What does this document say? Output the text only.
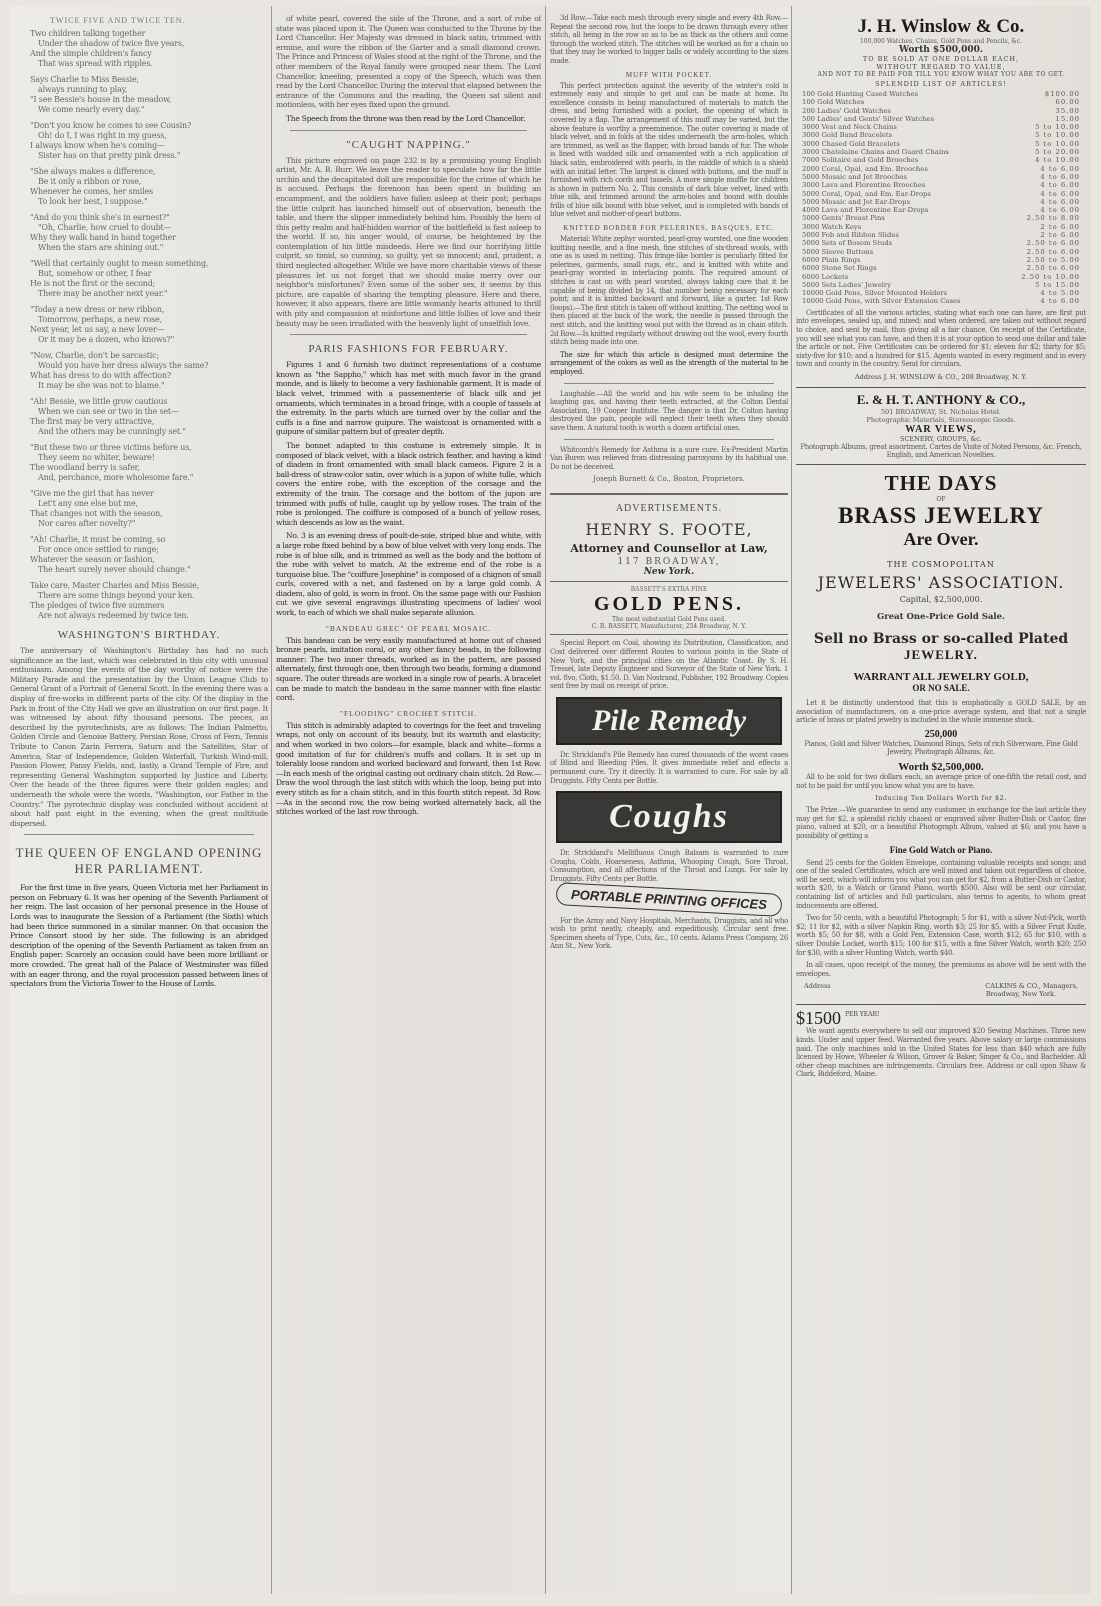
TWICE FIVE AND TWICE TEN.

Two children talking together
Under the shadow of twice five years,
And the simple children's fancy
That was spread with ripples.

Says Charlie to Miss Bessie,
always running to play,
"I see Bessie's house in the meadow,
We come nearly every day."

"Don't you know he comes to see Cousin?
Oh! do I, I was right in my guess,
I always know when he's coming—
Sister has on that pretty pink dress."

"She always makes a difference,
Be it only a ribbon or rose,
Whenever he comes, her smiles
To look her best, I suppose."

"And do you think she's in earnest?"
"Oh, Charlie, how cruel to doubt—
Why they walk hand in hand together
When the stars are shining out."

"Well that certainly ought to mean something,
But, somehow or other, I fear
He is not the first or the second;
There may be another next year."

"Today a new dress or new ribbon,
Tomorrow, perhaps, a new rose,
Next year, let us say, a new lover—
Or it may be a dozen, who knows?"

"Now, Charlie, don't be sarcastic;
Would you have her dress always the same?
What has dress to do with affection?
It may be she was not to blame."

"Ah! Bessie, we little grow cautious
When we can see or two in the set—
The first may be very attractive,
And the others may be cunningly set."

"But these two or three victims before us,
They seem no whiter, beware!
The woodland berry is safer,
And, perchance, more wholesome fare."

"Give me the girl that has never
Let't any one else but me,
That changes not with the season,
Nor cares after novelty?"

"Ah! Charlie, it must be coming, so
For once once settled to range;
Whatever the season or fashion,
The heart surely never should change."

Take care, Master Charles and Miss Bessie,
There are some things beyond your ken.
The pledges of twice five summers
Are not always redeemed by twice ten.

WASHINGTON'S BIRTHDAY.

The anniversary of Washington's Birthday has had no such significance as the last, which was celebrated in this city with unusual enthusiasm. Among the events of the day worthy of notice were the Military Parade and the presentation by the Union League Club to General Grant of a Portrait of General Scott. In the evening there was a display of fire-works in different parts of the city. Of the display in the Park in front of the City Hall we give an illustration on our first page. It was witnessed by about fifty thousand persons. The pieces, as described by the pyrotechnists, are as follows: The Indian Palmetto, Golden Circle and Genoise Battery, Persian Rose, Cross of Fern, Tennis Tribute to Canon Zarin Ferrera, Saturn and the Satellites, Star of America, Star of Independence, Golden Waterfall, Turkish Wind-mill, Passion Flower, Pansy Fields, and, lastly, a Grand Temple of Fire, and representing General Washington supported by Justice and Liberty. Over the heads of the three figures were their golden eagles; and underneath the whole were the words, "Washington, our Father in the Country." The pyrotechnic display was concluded without accident at about half past eight in the evening, when the great multitude dispersed.

THE QUEEN OF ENGLAND OPENING HER PARLIAMENT.

For the first time in five years, Queen Victoria met her Parliament in person on February 6. It was her opening of the Seventh Parliament of her reign. The last occasion of her personal presence in the House of Lords was to inaugurate the Session of a Parliament (the Sixth) which had been thrice summoned in a similar manner. On that occasion the Prince Consort stood by her side. The following is an abridged description of the opening of the Seventh Parliament as taken from an English paper: Scarcely an occasion could have been more brilliant or more crowded. The great hall of the Palace of Westminster was filled with an eager throng, and the royal procession passed between lines of spectators from the Victoria Tower to the House of Lords.

of white pearl, covered the side of the Throne, and a sort of robe of state was placed upon it. The Queen was conducted to the Throne by the Lord Chancellor. Her Majesty was dressed in black satin, trimmed with ermine, and wore the ribbon of the Garter and a small diamond crown. The Prince and Princess of Wales stood at the right of the Throne, and the other members of the Royal family were grouped near them. The Lord Chancellor, kneeling, presented a copy of the Speech, which was then read by the Lord Chancellor. During the interval that elapsed between the entrance of the Commons and the reading, the Queen sat silent and motionless, with her eyes fixed upon the ground.

The Speech from the throne was then read by the Lord Chancellor.

"CAUGHT NAPPING."

This picture engraved on page 232 is by a promising young English artist, Mr. A. B. Burr. We leave the reader to speculate how far the little urchin and the decapitated doll are responsible for the crime of which he is accused. Perhaps the forenoon has been spent in building an encampment, and the soldiers have fallen asleep at their post; perhaps the little culprit has launched himself out of observation, beneath the table, and there the slipper immediately behind him. Possibly the hero of this petty realm and half-hidden warrior of the battlefield is fast asleep to the world. If so, his anger would, of course, be heightened by the contemplation of his little misdeeds. Here we find our horrifying little culprit, so timid, so cunning, so guilty, yet so innocent; and, prudent, a third neglected altogether. While we have more charitable views of these pleasures let us not forget that we should make merry over our neighbor's misfortunes? Even some of the sober sex, it seems by this picture, are capable of sharing the tempting pleasure. Here and there, however, it also appears, there are little womanly hearts attuned to thrill with pity and compassion at misfortune and little follies of love and their beauty may be seen irradiated with the heavenly light of unselfish love.

PARIS FASHIONS FOR FEBRUARY.

Figures 1 and 6 furnish two distinct representations of a costume known as "the Sappho," which has met with much favor in the grand monde, and is likely to become a very fashionable garment. It is made of black velvet, trimmed with a passementerie of black silk and jet ornaments, which terminates in a broad fringe, with a couple of tassels at the extremity. In the parts which are turned over by the collar and the cuffs is a fine and narrow guipure. The waistcoat is ornamented with a guipure of similar pattern but of greater depth.

The bonnet adapted to this costume is extremely simple. It is composed of black velvet, with a black ostrich feather, and having a kind of diadem in front ornamented with small black cameos. Figure 2 is a ball-dress of straw-color satin, over which is a jupon of white tulle, which covers the entire robe, with the exception of the corsage and the extremity of the train. The corsage and the bottom of the jupon are trimmed with puffs of tulle, caught up by yellow roses. The train of the robe is prolonged. The coiffure is composed of a bunch of yellow roses, which descends as low as the waist.

No. 3 is an evening dress of poult-de-soie, striped blue and white, with a large robe fixed behind by a bow of blue velvet with very long ends. The robe is of blue silk, and is trimmed as well as the body and the bottom of the robe with velvet to match. At the extreme end of the robe is a turquoise blue. The "coiffure Josephine" is composed of a chignon of small curls, covered with a net, and fastened on by a large gold comb. A diadem, also of gold, is worn in front. On the same page with our Fashion cut we give several engravings illustrating specimens of ladies' wool work, to each of which we shall make separate allusion.

"BANDEAU GREC" OF PEARL MOSAIC.

This bandeau can be very easily manufactured at home out of chased bronze pearls, imitation coral, or any other fancy beads, in the following manner: The two inner threads, worked as in the pattern, are passed alternately, first through one, then through two beads, forming a diamond square. The outer threads are worked in a single row of pearls. A bracelet can be made to match the bandeau in the same manner with fine elastic cord.

"FLOODING" CROCHET STITCH.

This stitch is admirably adapted to coverings for the feet and traveling wraps, not only on account of its beauty, but its warmth and elasticity; and when worked in two colors—for example, black and white—forms a good imitation of fur for children's muffs and collars. It is set up in tolerably loose random and worked backward and forward, then 1st Row.—In each mesh of the original casting out ordinary chain stitch. 2d Row.—Draw the wool through the last stitch with which the loop, being put into every stitch as for a chain stitch, and in this fourth stitch repeat. 3d Row.—As in the second row, the row being worked alternately back, all the stitches worked of the last row through.

3d Row.—Take each mesh through every single and every 4th Row.—Repeat the second row, but the loops to be drawn through every other stitch, all being in the row so as to be as thick as the others and come through the worked stitch. The stitches will be worked as for a chain so that they may be worked to bigger balls or widely according to the sizes made.

MUFF WITH POCKET.

This perfect protection against the severity of the winter's cold is extremely easy and simple to get and can be made at home. Its excellence consists in being manufactured of materials to match the dress, and being furnished with a pocket, the opening of which is covered by a flap. The arrangement of this muff may be varied, but the above feature is worthy a preeminence. The outer covering is made of black velvet, and in folds at the sides underneath the arm-holes, which are trimmed, as well as the flapper, with broad bands of fur. The whole is lined with wadded silk and ornamented with a rich application of black satin, embroidered with pearls, in the middle of which is a shield with an initial letter. The largest is closed with buttons, and the muff is furnished with rich cords and tassels. A more simple muffle for children is shown in pattern No. 2. This consists of dark blue velvet, lined with blue silk, and trimmed around the arm-holes and bound with double frills of blue silk bound with blue velvet, and is completed with bands of blue velvet and mother-of-pearl buttons.

KNITTED BORDER FOR PELERINES, BASQUES, ETC.

Material: White zephyr worsted, pearl-gray worsted, one fine wooden knitting needle, and a fine mesh, fine stitches of six-thread wools, with one as is used in netting. This fringe-like border is peculiarly fitted for pelerines, garments, small rugs, etc., and is knitted with white and pearl-gray worsted in interlacing points. The required amount of stitches is cast on with pearl worsted, always taking care that it be capable of being divided by 14, that number being necessary for each point; and it is knitted backward and forward, like a garter. 1st Row (loops).—The first stitch is taken off without knitting. The netting wool is then placed at the back of the work, the needle is passed through the next stitch, and the knitting wool put with the thread as in chain stitch. 2d Row.—Is knitted regularly without drawing out the wool, every fourth stitch being made into one.

The size for which this article is designed must determine the arrangement of the colors as well as the strength of the material to be employed.

Laughable.—All the world and his wife seem to be inhaling the laughing gas, and having their teeth extracted, at the Colton Dental Association, 19 Cooper Institute. The danger is that Dr. Colton having destroyed the pain, people will neglect their teeth when they should save them. A natural tooth is worth a dozen artificial ones.

Whitcomb's Remedy for Asthma is a sure cure. Ex-President Martin Van Buren was relieved from distressing paroxysms by its habitual use. Do not be deceived.

Joseph Burnett & Co., Boston, Proprietors.
ADVERTISEMENTS.
HENRY S. FOOTE,
Attorney and Counsellor at Law,
117 BROADWAY,
New York.
BASSETT'S EXTRA FINE
GOLD PENS.
The most substantial Gold Pens used.
C. R. BASSETT, Manufacturer, 254 Broadway, N. Y.

Special Report on Coal, showing its Distribution, Classification, and Cost delivered over different Routes to various points in the State of New York, and the principal cities on the Atlantic Coast. By S. H. Tressel, late Deputy Engineer and Surveyor of the State of New York. 1 vol. 8vo, Cloth, $1.50. D. Van Nostrand, Publisher, 192 Broadway. Copies sent free by mail on receipt of price.

Pile Remedy

Dr. Strickland's Pile Remedy has cured thousands of the worst cases of Blind and Bleeding Piles. It gives immediate relief and effects a permanent cure. Try it directly. It is warranted to cure. For sale by all Druggists. Fifty Cents per Bottle.

Coughs

Dr. Strickland's Mellifluous Cough Balsam is warranted to cure Coughs, Colds, Hoarseness, Asthma, Whooping Cough, Sore Throat, Consumption, and all affections of the Throat and Lungs. For sale by Druggists. Fifty Cents per Bottle.

PORTABLE PRINTING OFFICES

For the Army and Navy Hospitals, Merchants, Druggists, and all who wish to print neatly, cheaply, and expeditiously. Circular sent free. Specimen sheets of Type, Cuts, &c., 10 cents. Adams Press Company, 26 Ann St., New York.

J. H. Winslow & Co.
100,000 Watches, Chains, Gold Pens and Pencils, &c.
Worth $500,000.
TO BE SOLD AT ONE DOLLAR EACH,
WITHOUT REGARD TO VALUE,
AND NOT TO BE PAID FOR TILL YOU KNOW WHAT YOU ARE TO GET.
SPLENDID LIST OF ARTICLES!
100 Gold Hunting Cased Watches	$100.00
100 Gold Watches	60.00
200 Ladies' Gold Watches	35.00
500 Ladies' and Gents' Silver Watches	15.00
3000 Vest and Neck Chains	5 to 10.00
3000 Gold Band Bracelets	5 to 10.00
3000 Chased Gold Bracelets	5 to 10.00
3000 Chatelaine Chains and Guard Chains	5 to 20.00
7000 Solitaire and Gold Brooches	4 to 10.00
2000 Coral, Opal, and Em. Brooches	4 to 6.00
5000 Mosaic and Jet Brooches	4 to 6.00
3000 Lava and Florentine Brooches	4 to 6.00
5000 Coral, Opal, and Em. Ear-Drops	4 to 6.00
5000 Mosaic and Jet Ear-Drops	4 to 6.00
4000 Lava and Florentine Ear-Drops	4 to 6.00
5000 Gents' Breast Pins	2.50 to 8.00
3000 Watch Keys	2 to 6.00
5000 Fob and Ribbon Slides	2 to 6.00
5000 Sets of Bosom Studs	2.50 to 6.00
5000 Sleeve Buttons	2.50 to 6.00
6000 Plain Rings	2.50 to 5.00
6000 Stone Set Rings	2.50 to 6.00
6000 Lockets	2.50 to 10.00
5000 Sets Ladies' Jewelry	5 to 15.00
10000 Gold Pens, Silver Mounted Holders	4 to 5.00
10000 Gold Pens, with Silver Extension Cases	4 to 6.00

Certificates of all the various articles, stating what each one can have, are first put into envelopes, sealed up, and mixed; and when ordered, are taken out without regard to choice, and sent by mail, thus giving all a fair chance. On receipt of the Certificate, you will see what you can have, and then it is at your option to send one dollar and take the article or not. Five Certificates can be ordered for $1; eleven for $2; thirty for $5; sixty-five for $10; and a hundred for $15. Agents wanted in every regiment and in every town and county in the country. Send for circulars.

Address J. H. WINSLOW & CO., 208 Broadway, N. Y.
E. & H. T. ANTHONY & CO.,
501 BROADWAY, St. Nicholas Hotel.
Photographic Materials, Stereoscopic Goods.
WAR VIEWS,
SCENERY, GROUPS, &c.

Photograph Albums, great assortment. Cartes de Visite of Noted Persons, &c. French, English, and American Novelties.

THE DAYS
OF
BRASS JEWELRY
Are Over.
THE COSMOPOLITAN
JEWELERS' ASSOCIATION.
Capital, $2,500,000.
Great One-Price Gold Sale.
Sell no Brass or so-called Plated
JEWELRY.
WARRANT ALL JEWELRY GOLD,
OR NO SALE.

Let it be distinctly understood that this is emphatically a GOLD SALE, by an association of manufacturers, on a one-price average system, and that not a single article of brass or plated jewelry is included in the whole immense stock.

250,000

Pianos, Gold and Silver Watches, Diamond Rings, Sets of rich Silverware, Fine Gold Jewelry, Photograph Albums, &c.

Worth $2,500,000.

All to be sold for two dollars each, an average price of one-fifth the retail cost, and not to be paid for until you know what you are to have.

Inducing Ten Dollars Worth for $2.

The Prize.—We guarantee to send any customer, in exchange for the last article they may get for $2, a splendid richly chased or engraved silver Butter-Dish or Castor, fine piano, valued at $20, or a beautiful Photograph Album, valued at $6; and you have a possibility of getting a

Fine Gold Watch or Piano.

Send 25 cents for the Golden Envelope, containing valuable receipts and songs; and one of the sealed Certificates, which are well mixed and taken out regardless of choice, will be sent, which will inform you what you can get for $2, from a Butter-Dish or Castor, worth $20, to a Watch or Grand Piano, worth $500. Also will be sent our circular, containing list of articles and full particulars, also terms to agents, to whom great inducements are offered.

Two for 50 cents, with a beautiful Photograph; 5 for $1, with a silver Nut-Pick, worth $2; 11 for $2, with a silver Napkin Ring, worth $3; 25 for $5, with a Silver Fruit Knife, worth $5; 50 for $8, with a Gold Pen, Extension Case, worth $12; 65 for $10, with a silver Double Locket, worth $15; 100 for $15, with a fine Silver Watch, worth $20; 250 for $30, with a silver Hunting Watch, worth $40.

In all cases, upon receipt of the money, the premiums as above will be sent with the envelopes.

Address	CALKINS & CO., Managers,
Broadway, New York.
$1500 PER YEAR!

We want agents everywhere to sell our improved $20 Sewing Machines. Three new kinds. Under and upper feed. Warranted five years. Above salary or large commissions paid. The only machines sold in the United States for less than $40 which are fully licensed by Howe, Wheeler & Wilson, Grover & Baker, Singer & Co., and Bachelder. All other cheap machines are infringements. Circulars free. Address or call upon Shaw & Clark, Biddeford, Maine.
